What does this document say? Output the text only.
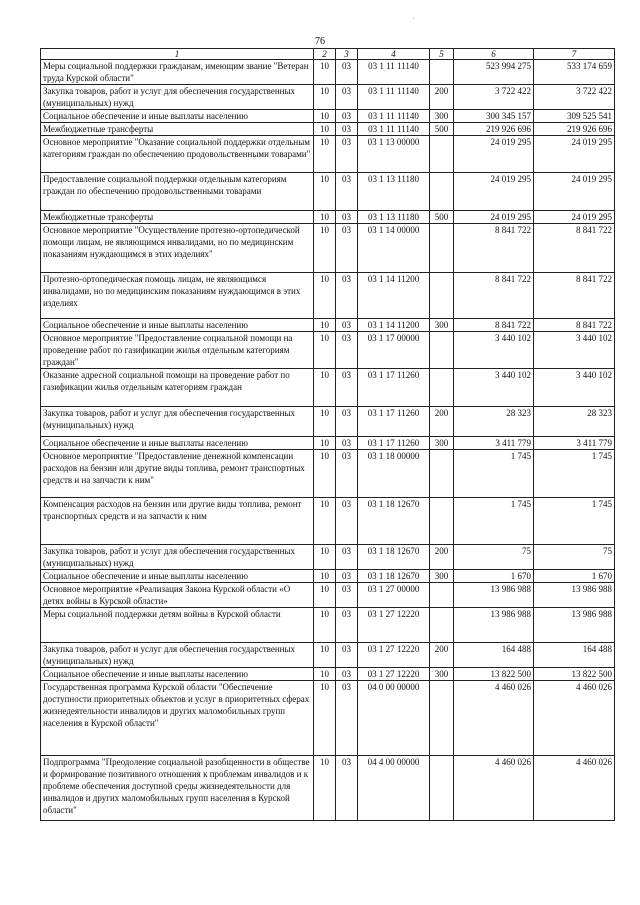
76
·
1	2	3	4	5	6	7
Меры социальной поддержки гражданам, имеющим звание "Ветеран труда Курской области"	10	03	03 1 11 11140		523 994 275	533 174 659
Закупка товаров, работ и услуг для обеспечения государственных (муниципальных) нужд	10	03	03 1 11 11140	200	3 722 422	3 722 422
Социальное обеспечение и иные выплаты населению	10	03	03 1 11 11140	300	300 345 157	309 525 541
Межбюджетные трансферты	10	03	03 1 11 11140	500	219 926 696	219 926 696
Основное мероприятие "Оказание социальной поддержки отдельным категориям граждан по обеспечению продовольственными товарами"	10	03	03 1 13 00000		24 019 295	24 019 295
Предоставление социальной поддержки отдельным категориям граждан по обеспечению продовольственными товарами	10	03	03 1 13 11180		24 019 295	24 019 295
Межбюджетные трансферты	10	03	03 1 13 11180	500	24 019 295	24 019 295
Основное мероприятие "Осуществление протезно-ортопедической помощи лицам, не являющимся инвалидами, но по медицинским показаниям нуждающимся в этих изделиях"	10	03	03 1 14 00000		8 841 722	8 841 722
Протезно-ортопедическая помощь лицам, не являющимся инвалидами, но по медицинским показаниям нуждающимся в этих изделиях	10	03	03 1 14 11200		8 841 722	8 841 722
Социальное обеспечение и иные выплаты населению	10	03	03 1 14 11200	300	8 841 722	8 841 722
Основное мероприятие "Предоставление социальной помощи на проведение работ по газификации жилья отдельным категориям граждан"	10	03	03 1 17 00000		3 440 102	3 440 102
Оказание адресной социальной помощи на проведение работ по газификации жилья отдельным категориям граждан	10	03	03 1 17 11260		3 440 102	3 440 102
Закупка товаров, работ и услуг для обеспечения государственных (муниципальных) нужд	10	03	03 1 17 11260	200	28 323	28 323
Социальное обеспечение и иные выплаты населению	10	03	03 1 17 11260	300	3 411 779	3 411 779
Основное мероприятие "Предоставление денежной компенсации расходов на бензин или другие виды топлива, ремонт транспортных средств и на запчасти к ним"	10	03	03 1 18 00000		1 745	1 745
Компенсация расходов на бензин или другие виды топлива, ремонт транспортных средств и на запчасти к ним	10	03	03 1 18 12670		1 745	1 745
Закупка товаров, работ и услуг для обеспечения государственных (муниципальных) нужд	10	03	03 1 18 12670	200	75	75
Социальное обеспечение и иные выплаты населению	10	03	03 1 18 12670	300	1 670	1 670
Основное мероприятие «Реализация Закона Курской области «О детях войны в Курской области»	10	03	03 1 27 00000		13 986 988	13 986 988
Меры социальной поддержки детям войны в Курской области	10	03	03 1 27 12220		13 986 988	13 986 988
Закупка товаров, работ и услуг для обеспечения государственных (муниципальных) нужд	10	03	03 1 27 12220	200	164 488	164 488
Социальное обеспечение и иные выплаты населению	10	03	03 1 27 12220	300	13 822 500	13 822 500
Государственная программа Курской области "Обеспечение доступности приоритетных объектов и услуг в приоритетных сферах жизнедеятельности инвалидов и других маломобильных групп населения в Курской области"	10	03	04 0 00 00000		4 460 026	4 460 026
Подпрограмма "Преодоление социальной разобщенности в обществе и формирование позитивного отношения к проблемам инвалидов и к проблеме обеспечения доступной среды жизнедеятельности для инвалидов и других маломобильных групп населения в Курской области"	10	03	04 4 00 00000		4 460 026	4 460 026
